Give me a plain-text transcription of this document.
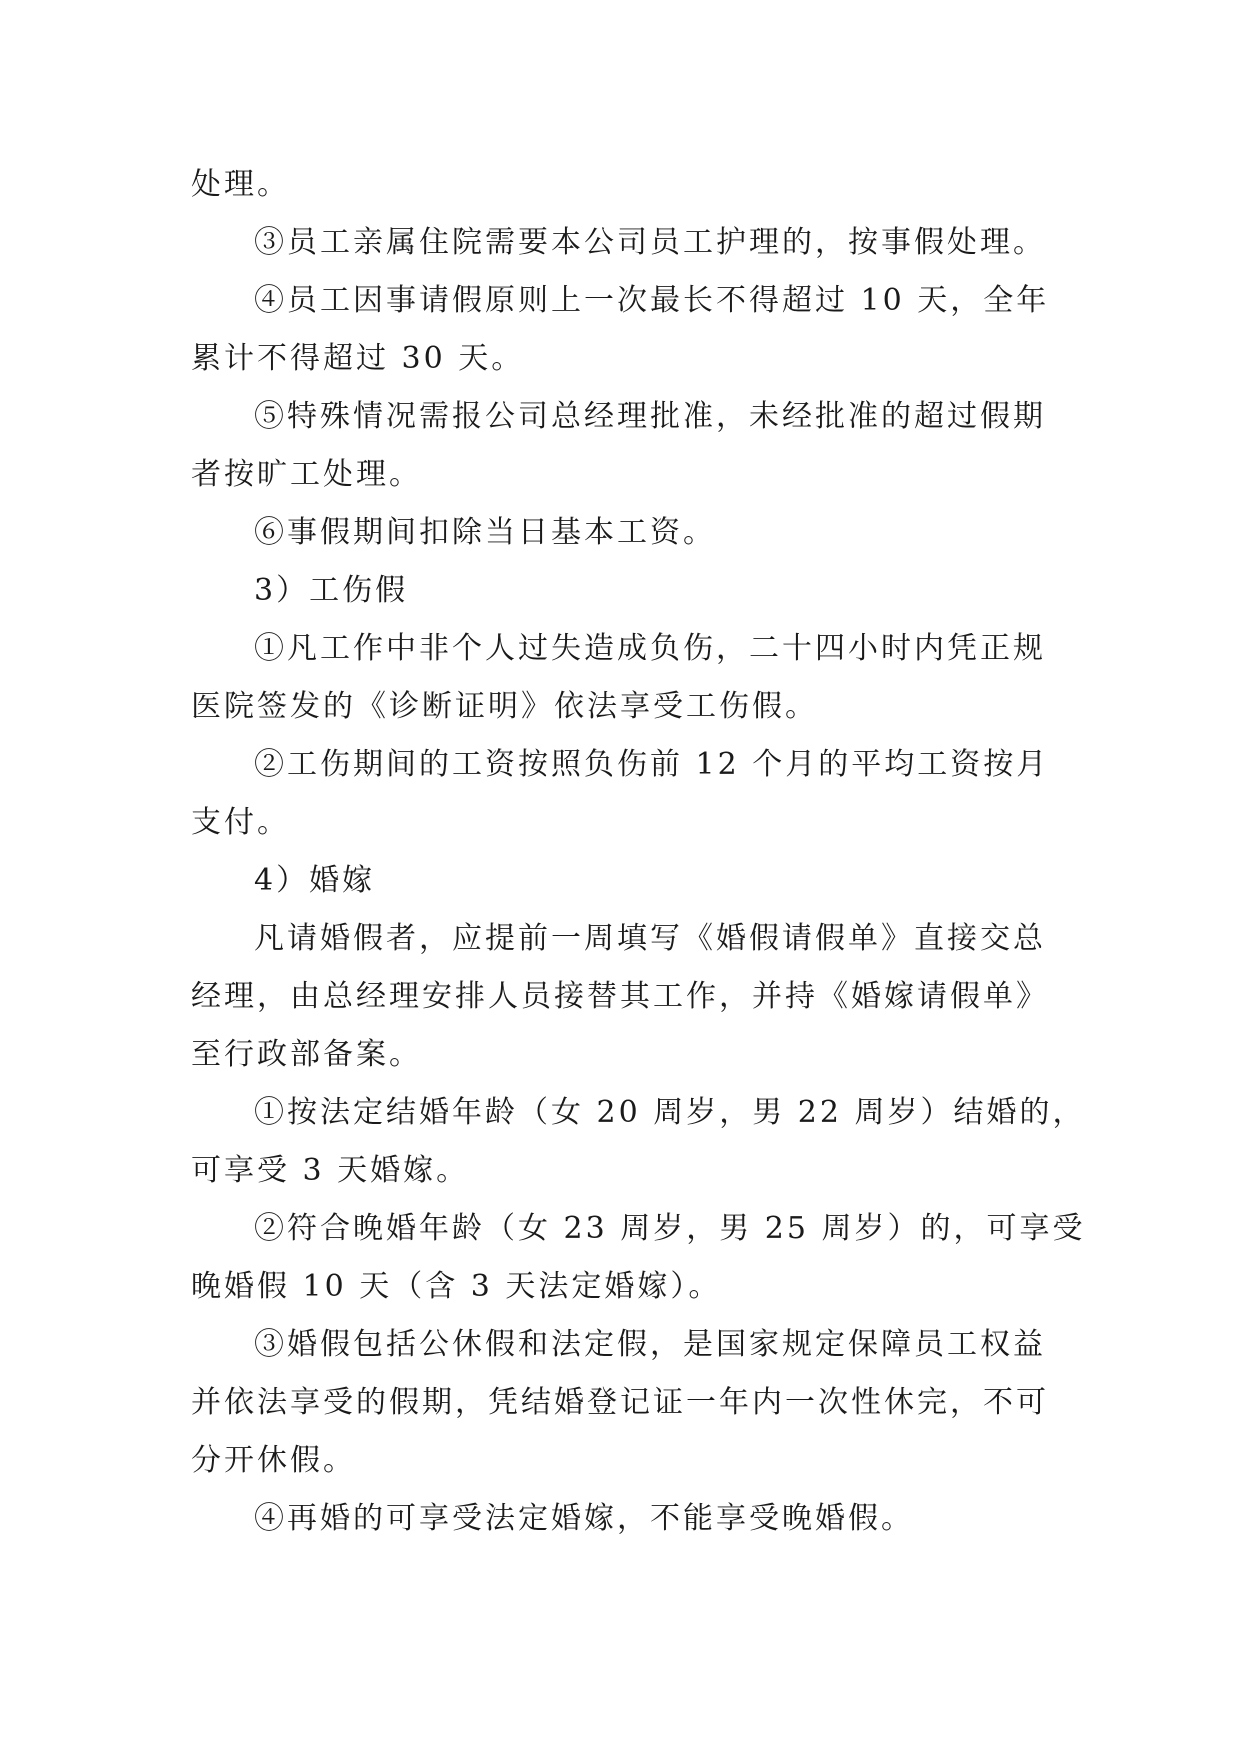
处理。
③员工亲属住院需要本公司员工护理的，按事假处理。
④员工因事请假原则上一次最长不得超过 10 天，全年
累计不得超过 30 天。
⑤特殊情况需报公司总经理批准，未经批准的超过假期
者按旷工处理。
⑥事假期间扣除当日基本工资。
3）工伤假
①凡工作中非个人过失造成负伤，二十四小时内凭正规
医院签发的《诊断证明》依法享受工伤假。
②工伤期间的工资按照负伤前 12 个月的平均工资按月
支付。
4）婚嫁
凡请婚假者，应提前一周填写《婚假请假单》直接交总
经理，由总经理安排人员接替其工作，并持《婚嫁请假单》
至行政部备案。
①按法定结婚年龄（女 20 周岁，男 22 周岁）结婚的，
可享受 3 天婚嫁。
②符合晚婚年龄（女 23 周岁，男 25 周岁）的，可享受
晚婚假 10 天（含 3 天法定婚嫁）。
③婚假包括公休假和法定假，是国家规定保障员工权益
并依法享受的假期，凭结婚登记证一年内一次性休完，不可
分开休假。
④再婚的可享受法定婚嫁，不能享受晚婚假。
